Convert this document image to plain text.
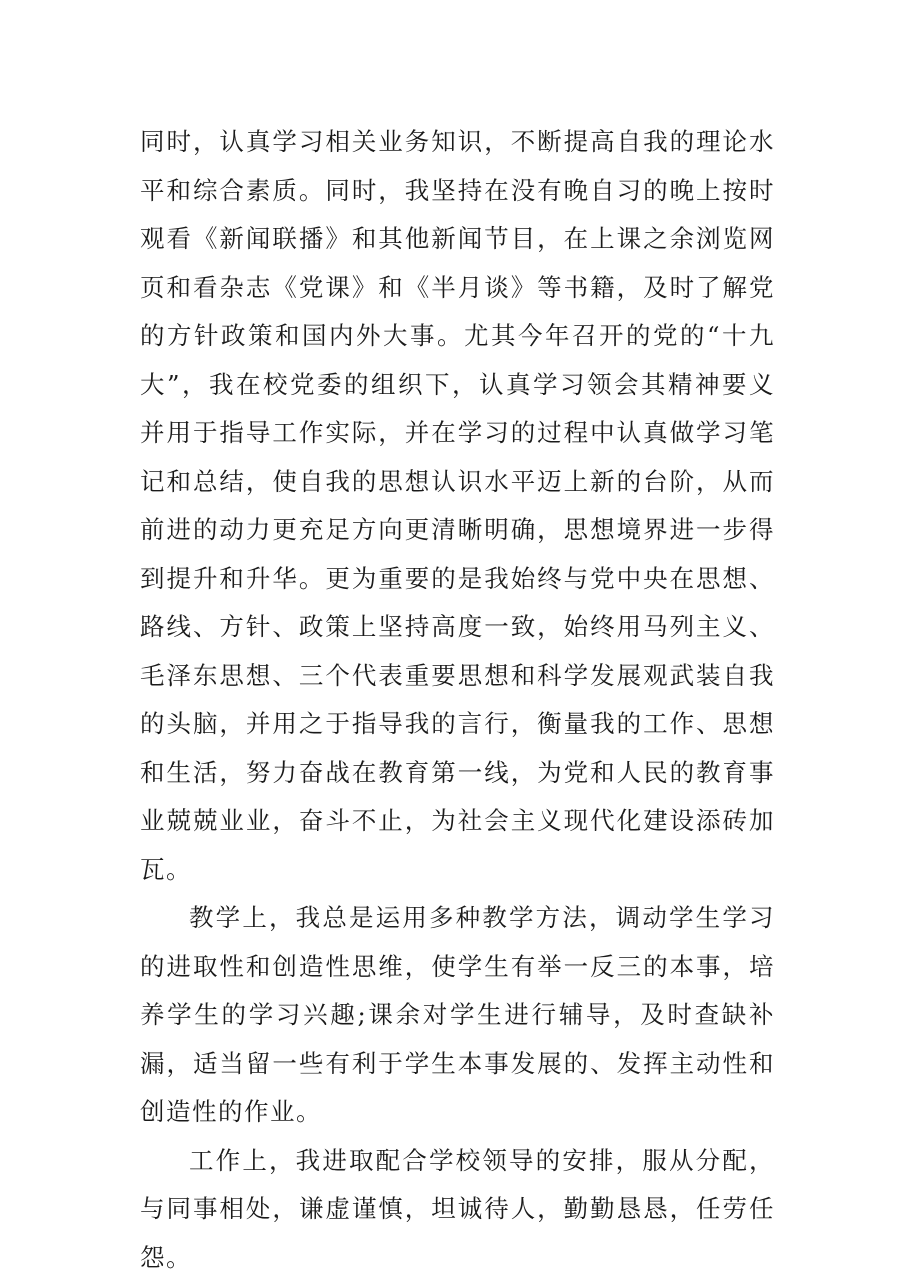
同时，认真学习相关业务知识，不断提高自我的理论水平和综合素质。同时，我坚持在没有晚自习的晚上按时观看《新闻联播》和其他新闻节目，在上课之余浏览网页和看杂志《党课》和《半月谈》等书籍，及时了解党的方针政策和国内外大事。尤其今年召开的党的“十九大”，我在校党委的组织下，认真学习领会其精神要义并用于指导工作实际，并在学习的过程中认真做学习笔记和总结，使自我的思想认识水平迈上新的台阶，从而前进的动力更充足方向更清晰明确，思想境界进一步得到提升和升华。更为重要的是我始终与党中央在思想、路线、方针、政策上坚持高度一致，始终用马列主义、毛泽东思想、三个代表重要思想和科学发展观武装自我的头脑，并用之于指导我的言行，衡量我的工作、思想和生活，努力奋战在教育第一线，为党和人民的教育事业兢兢业业，奋斗不止，为社会主义现代化建设添砖加瓦。

教学上，我总是运用多种教学方法，调动学生学习的进取性和创造性思维，使学生有举一反三的本事，培养学生的学习兴趣;课余对学生进行辅导，及时查缺补漏，适当留一些有利于学生本事发展的、发挥主动性和创造性的作业。

工作上，我进取配合学校领导的安排，服从分配，与同事相处，谦虚谨慎，坦诚待人，勤勤恳恳，任劳任怨。
